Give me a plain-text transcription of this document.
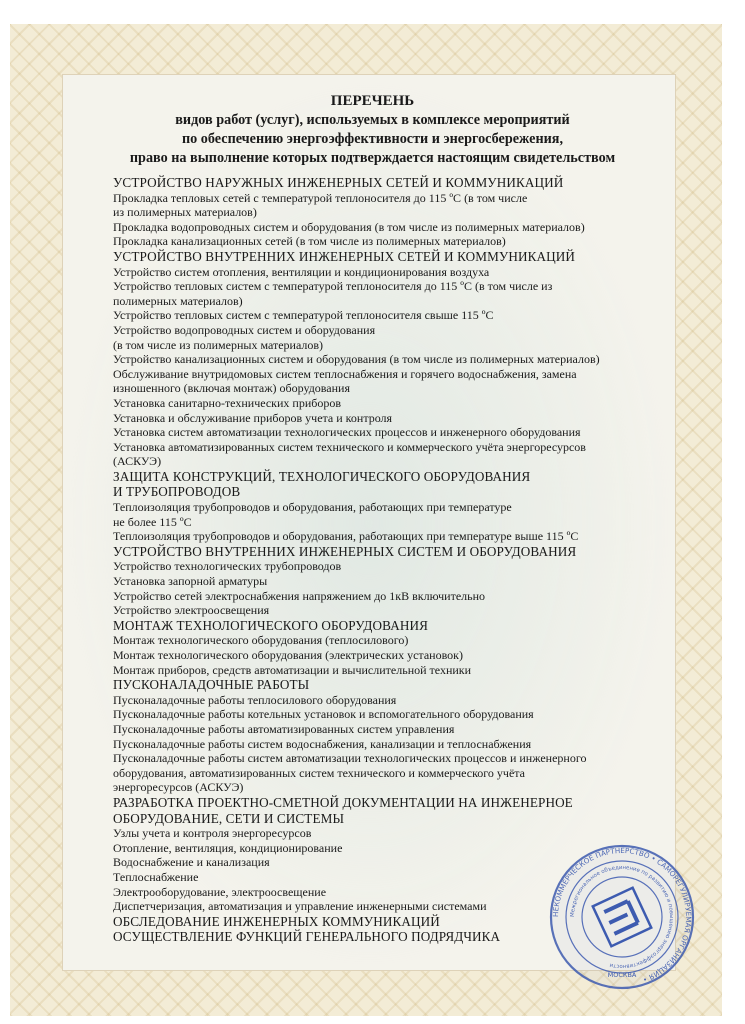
ПЕРЕЧЕНЬ
видов работ (услуг), используемых в комплексе мероприятий
по обеспечению энергоэффективности и энергосбережения,
право на выполнение которых подтверждается настоящим свидетельством
УСТРОЙСТВО НАРУЖНЫХ ИНЖЕНЕРНЫХ СЕТЕЙ И КОММУНИКАЦИЙ
Прокладка тепловых сетей с температурой теплоносителя до 115 ºС (в том числе
из полимерных материалов)
Прокладка водопроводных систем и оборудования (в том числе из полимерных материалов)
Прокладка канализационных сетей (в том числе из полимерных материалов)
УСТРОЙСТВО ВНУТРЕННИХ ИНЖЕНЕРНЫХ СЕТЕЙ И КОММУНИКАЦИЙ
Устройство систем отопления, вентиляции и кондиционирования воздуха
Устройство тепловых систем с температурой теплоносителя до 115 ºС (в том числе из
полимерных материалов)
Устройство тепловых систем с температурой теплоносителя свыше 115 ºС
Устройство водопроводных систем и оборудования
(в том числе из полимерных материалов)
Устройство канализационных систем и оборудования (в том числе из полимерных материалов)
Обслуживание внутридомовых систем теплоснабжения и горячего водоснабжения, замена
изношенного (включая монтаж) оборудования
Установка санитарно-технических приборов
Установка и обслуживание приборов учета и контроля
Установка систем автоматизации технологических процессов и инженерного оборудования
Установка автоматизированных систем технического и коммерческого учёта энергоресурсов
(АСКУЭ)
ЗАЩИТА КОНСТРУКЦИЙ, ТЕХНОЛОГИЧЕСКОГО ОБОРУДОВАНИЯ
И ТРУБОПРОВОДОВ
Теплоизоляция трубопроводов и оборудования, работающих при температуре
не более 115 ºС
Теплоизоляция трубопроводов и оборудования, работающих при температуре выше 115 ºС
УСТРОЙСТВО ВНУТРЕННИХ ИНЖЕНЕРНЫХ СИСТЕМ И ОБОРУДОВАНИЯ
Устройство технологических трубопроводов
Установка запорной арматуры
Устройство сетей электроснабжения напряжением до 1кВ включительно
Устройство электроосвещения
МОНТАЖ ТЕХНОЛОГИЧЕСКОГО ОБОРУДОВАНИЯ
Монтаж технологического оборудования (теплосилового)
Монтаж технологического оборудования (электрических установок)
Монтаж приборов, средств автоматизации и вычислительной техники
ПУСКОНАЛАДОЧНЫЕ РАБОТЫ
Пусконаладочные работы теплосилового оборудования
Пусконаладочные работы котельных установок и вспомогательного оборудования
Пусконаладочные работы автоматизированных систем управления
Пусконаладочные работы систем водоснабжения, канализации и теплоснабжения
Пусконаладочные работы систем автоматизации технологических процессов и инженерного
оборудования, автоматизированных систем технического и коммерческого учёта
энергоресурсов (АСКУЭ)
РАЗРАБОТКА ПРОЕКТНО-СМЕТНОЙ ДОКУМЕНТАЦИИ НА ИНЖЕНЕРНОЕ
ОБОРУДОВАНИЕ, СЕТИ И СИСТЕМЫ
Узлы учета и контроля энергоресурсов
Отопление, вентиляция, кондиционирование
Водоснабжение и канализация
Теплоснабжение
Электрооборудование, электроосвещение
Диспетчеризация, автоматизация и управление инженерными системами
ОБСЛЕДОВАНИЕ ИНЖЕНЕРНЫХ КОММУНИКАЦИЙ
ОСУЩЕСТВЛЕНИЕ ФУНКЦИЙ ГЕНЕРАЛЬНОГО ПОДРЯДЧИКА
НЕКОММЕРЧЕСКОЕ ПАРТНЕРСТВО • САМОРЕГУЛИРУЕМАЯ ОРГАНИЗАЦИЯ •
Межрегиональное объединение по развитию и повышению энергоэффективности
МОСКВА
